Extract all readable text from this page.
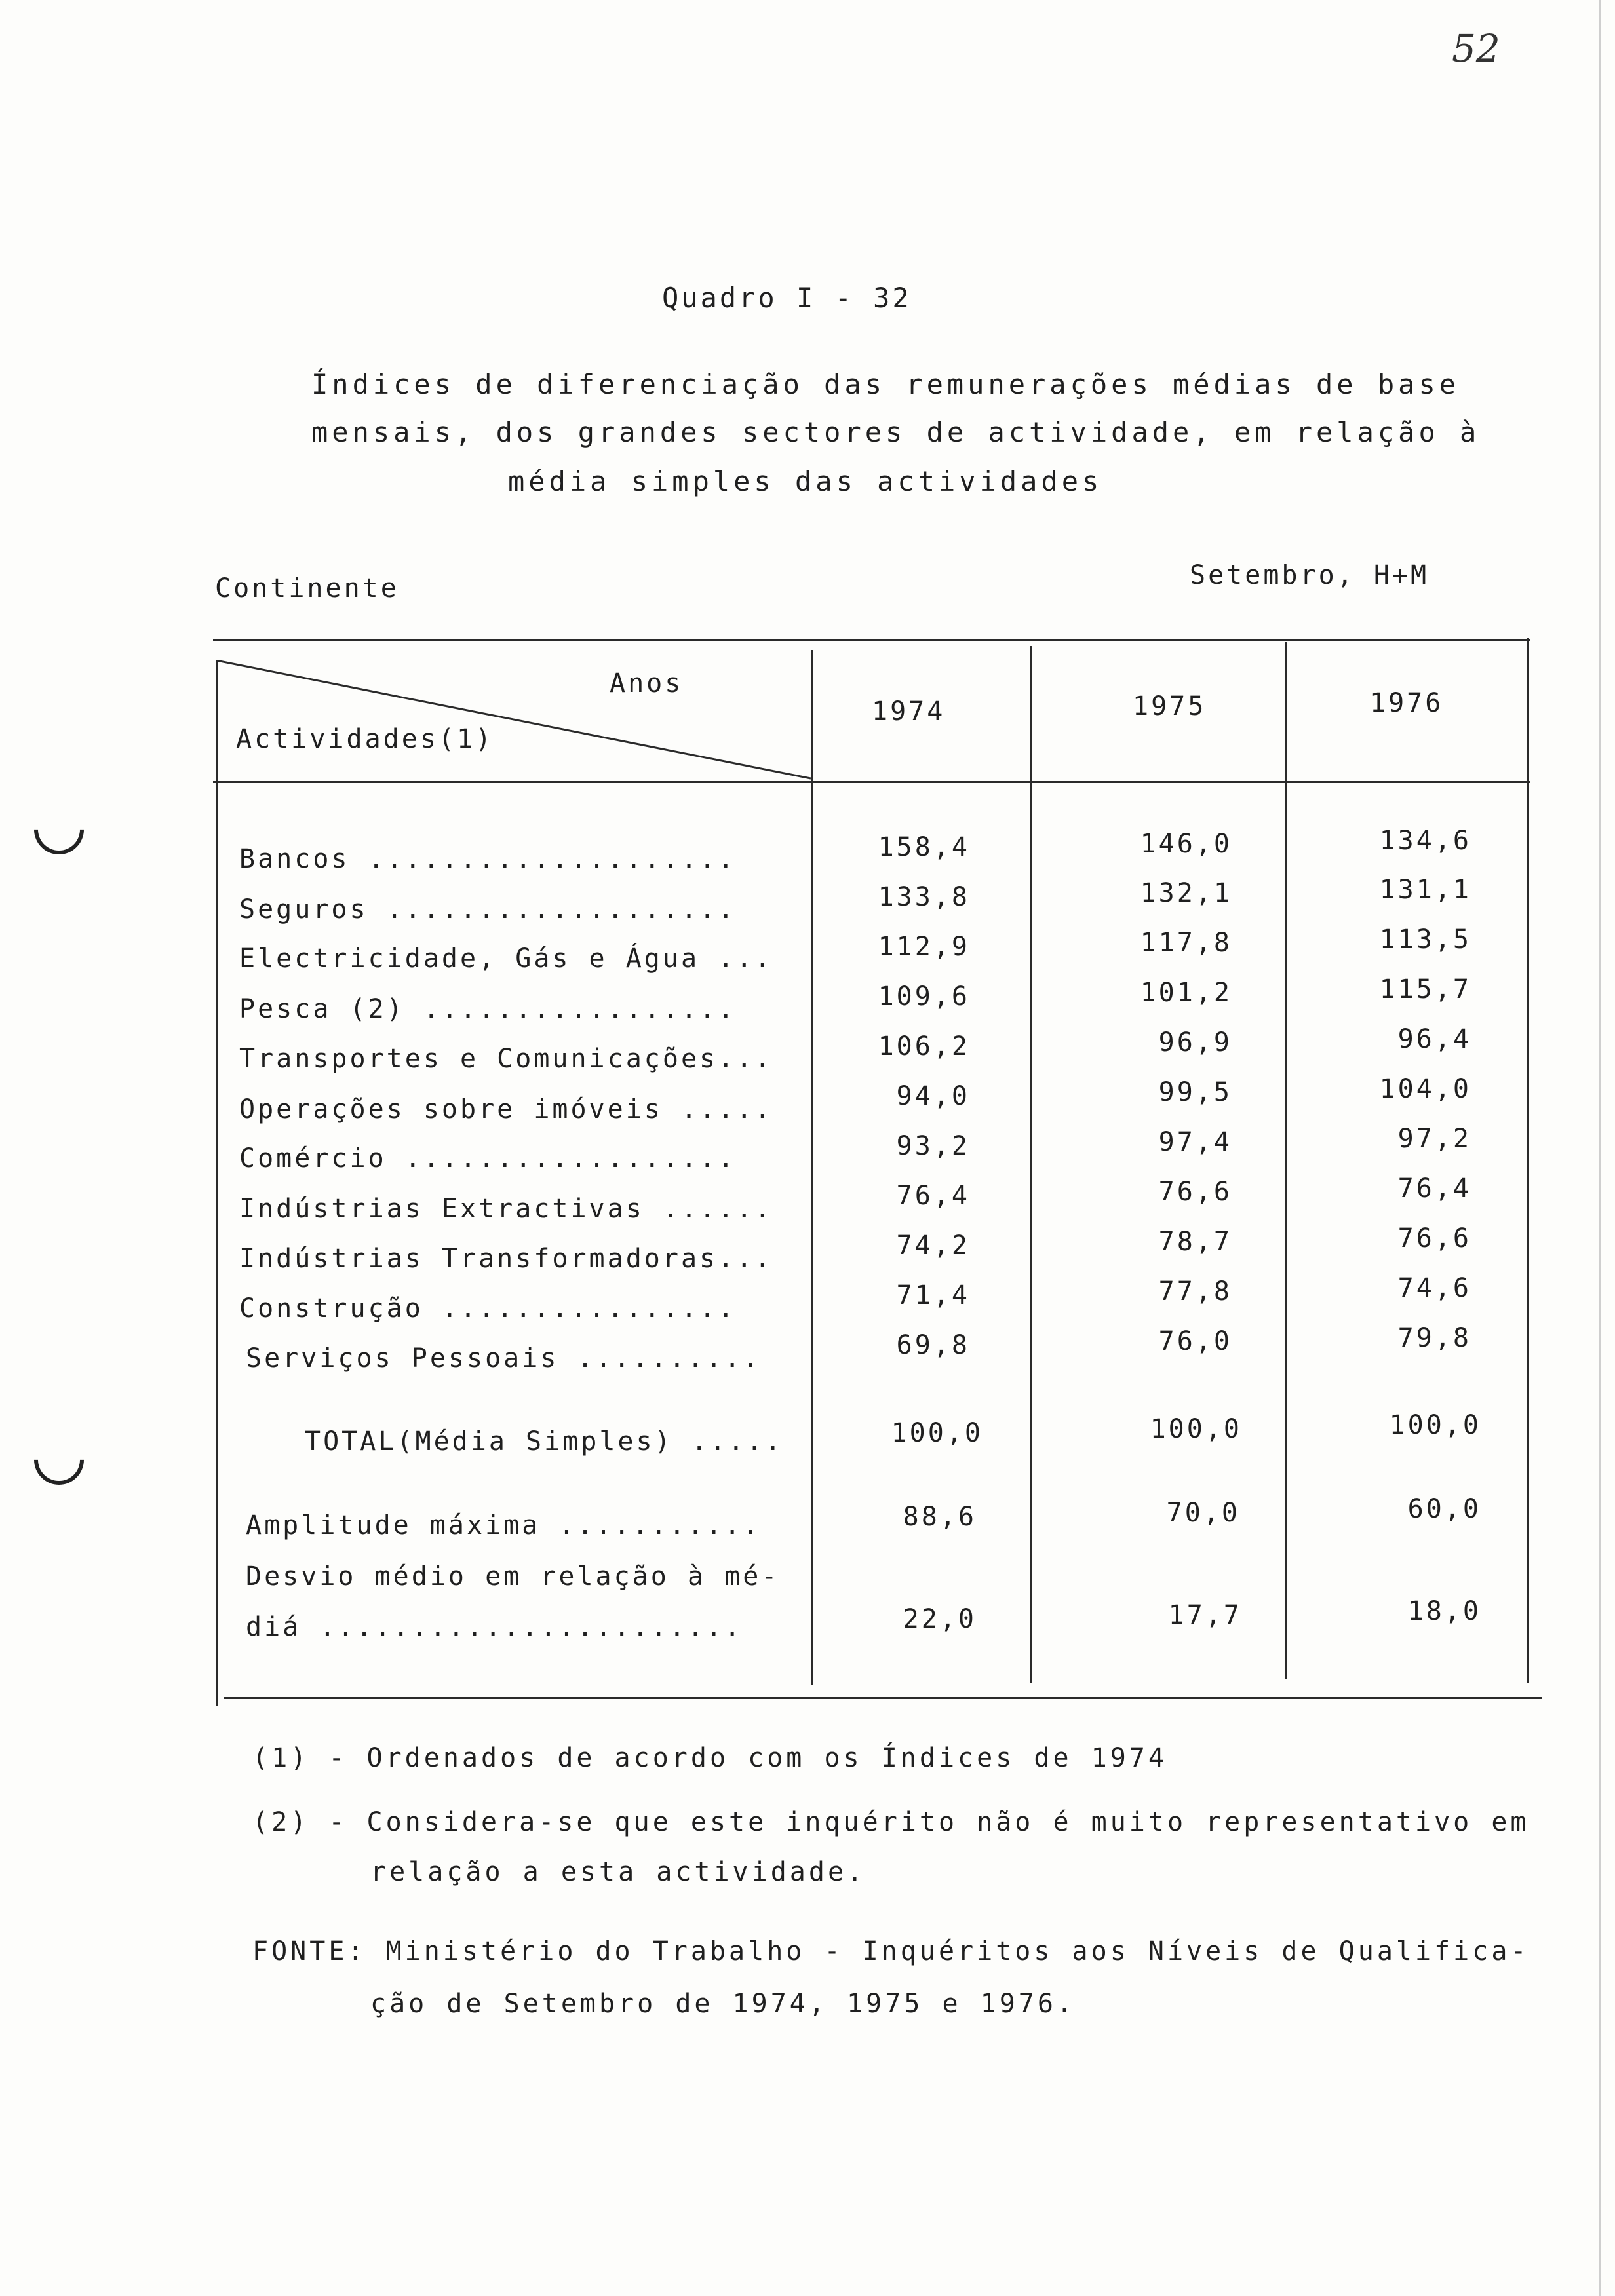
52
Quadro I - 32
Índices de diferenciação das remunerações médias de base
mensais, dos grandes sectores de actividade, em relação à
média simples das actividades
Continente	Setembro, H+M
Anos
Actividades(1)
1974	1975	1976
Bancos ....................	158,4	146,0	134,6
Seguros ...................	133,8	132,1	131,1
Electricidade, Gás e Água ...	112,9	117,8	113,5
Pesca (2) .................	109,6	101,2	115,7
Transportes e Comunicações...	106,2	96,9	96,4
Operações sobre imóveis .....	94,0	99,5	104,0
Comércio ..................	93,2	97,4	97,2
Indústrias Extractivas ......	76,4	76,6	76,4
Indústrias Transformadoras...	74,2	78,7	76,6
Construção ................	71,4	77,8	74,6
Serviços Pessoais ..........	69,8	76,0	79,8
TOTAL(Média Simples) .....	100,0	100,0	100,0
Amplitude máxima ...........	88,6	70,0	60,0
Desvio médio em relação à mé-
diá .......................	22,0	17,7	18,0
(1) - Ordenados de acordo com os Índices de 1974
(2) - Considera-se que este inquérito não é muito representativo em
relação a esta actividade.
FONTE: Ministério do Trabalho - Inquéritos aos Níveis de Qualifica-
ção de Setembro de 1974, 1975 e 1976.
